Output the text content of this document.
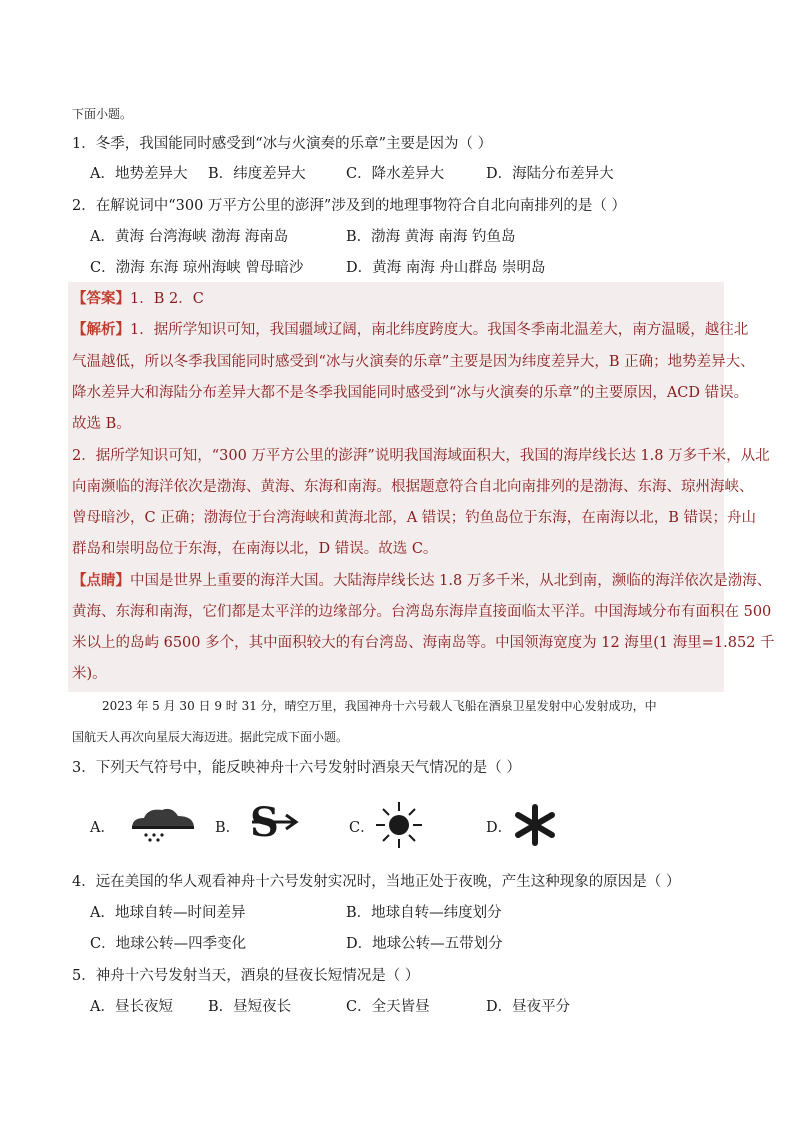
下面小题。
1．冬季，我国能同时感受到“冰与火演奏的乐章”主要是因为（ ）
A．地势差异大 B．纬度差异大	C．降水差异大	D．海陆分布差异大
2．在解说词中“300 万平方公里的澎湃”涉及到的地理事物符合自北向南排列的是（ ）
A．黄海 台湾海峡 渤海 海南岛	B．渤海 黄海 南海 钓鱼岛
C．渤海 东海 琼州海峡 曾母暗沙	D．黄海 南海 舟山群岛 崇明岛
【答案】1．B 2．C
【解析】1．据所学知识可知，我国疆域辽阔，南北纬度跨度大。我国冬季南北温差大，南方温暖，越往北
气温越低，所以冬季我国能同时感受到“冰与火演奏的乐章”主要是因为纬度差异大，B 正确；地势差异大、
降水差异大和海陆分布差异大都不是冬季我国能同时感受到“冰与火演奏的乐章”的主要原因，ACD 错误。
故选 B。
2．据所学知识可知，“300 万平方公里的澎湃”说明我国海域面积大，我国的海岸线长达 1.8 万多千米，从北
向南濒临的海洋依次是渤海、黄海、东海和南海。根据题意符合自北向南排列的是渤海、东海、琼州海峡、
曾母暗沙，C 正确；渤海位于台湾海峡和黄海北部，A 错误；钓鱼岛位于东海，在南海以北，B 错误；舟山
群岛和崇明岛位于东海，在南海以北，D 错误。故选 C。
【点睛】中国是世界上重要的海洋大国。大陆海岸线长达 1.8 万多千米，从北到南，濒临的海洋依次是渤海、
黄海、东海和南海，它们都是太平洋的边缘部分。台湾岛东海岸直接面临太平洋。中国海域分布有面积在 500
米以上的岛屿 6500 多个，其中面积较大的有台湾岛、海南岛等。中国领海宽度为 12 海里(1 海里=1.852 千
米)。
2023 年 5 月 30 日 9 时 31 分，晴空万里，我国神舟十六号载人飞船在酒泉卫星发射中心发射成功，中
国航天人再次向星辰大海迈进。据此完成下面小题。
3．下列天气符号中，能反映神舟十六号发射时酒泉天气情况的是（ ）
A．	B． S	C．	D．
4．远在美国的华人观看神舟十六号发射实况时，当地正处于夜晚，产生这种现象的原因是（ ）
A．地球自转—时间差异	B．地球自转—纬度划分
C．地球公转—四季变化	D．地球公转—五带划分
5．神舟十六号发射当天，酒泉的昼夜长短情况是（ ）
A．昼长夜短 B．昼短夜长	C．全天皆昼	D．昼夜平分
